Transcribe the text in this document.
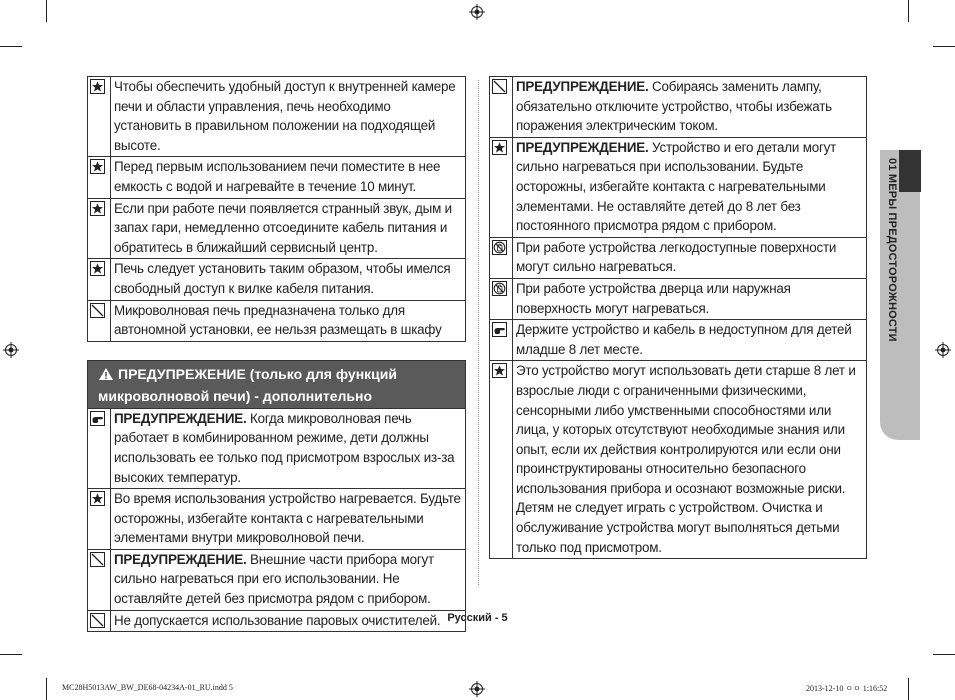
01 МЕРЫ ПРЕДОСТОРОЖНОСТИ
	Чтобы обеспечить удобный доступ к внутренней камере печи и области управления, печь необходимо установить в правильном положении на подходящей высоте.

	Перед первым использованием печи поместите в нее емкость с водой и нагревайте в течение 10 минут.

	Если при работе печи появляется странный звук, дым и запах гари, немедленно отсоедините кабель питания и обратитесь в ближайший сервисный центр.

	Печь следует установить таким образом, чтобы имелся свободный доступ к вилке кабеля питания.

	Микроволновая печь предназначена только для автономной установки, ее нельзя размещать в шкафу
ПРЕДУПРЕЖЕНИЕ (только для функций микроволновой печи) - дополнительно
	ПРЕДУПРЕЖДЕНИЕ. Когда микроволновая печь работает в комбинированном режиме, дети должны использовать ее только под присмотром взрослых из-за высоких температур.

	Во время использования устройство нагревается. Будьте осторожны, избегайте контакта с нагревательными элементами внутри микроволновой печи.

	ПРЕДУПРЕЖДЕНИЕ. Внешние части прибора могут сильно нагреваться при его использовании. Не оставляйте детей без присмотра рядом с прибором.

	Не допускается использование паровых очистителей.
	ПРЕДУПРЕЖДЕНИЕ. Собираясь заменить лампу, обязательно отключите устройство, чтобы избежать поражения электрическим током.

	ПРЕДУПРЕЖДЕНИЕ. Устройство и его детали могут сильно нагреваться при использовании. Будьте осторожны, избегайте контакта с нагревательными элементами. Не оставляйте детей до 8 лет без постоянного присмотра рядом с прибором.

	При работе устройства легкодоступные поверхности могут сильно нагреваться.

	При работе устройства дверца или наружная поверхность могут нагреваться.

	Держите устройство и кабель в недоступном для детей младше 8 лет месте.

	Это устройство могут использовать дети старше 8 лет и взрослые люди с ограниченными физическими, сенсорными либо умственными способностями или лица, у которых отсутствуют необходимые знания или опыт, если их действия контролируются или если они проинструктированы относительно безопасного использования прибора и осознают возможные риски. Детям не следует играть с устройством. Очистка и обслуживание устройства могут выполняться детьми только под присмотром.
Русский - 5
MC28H5013AW_BW_DE68-04234A-01_RU.indd 5	2013-12-10 ㅇㅇ 1:16:52
